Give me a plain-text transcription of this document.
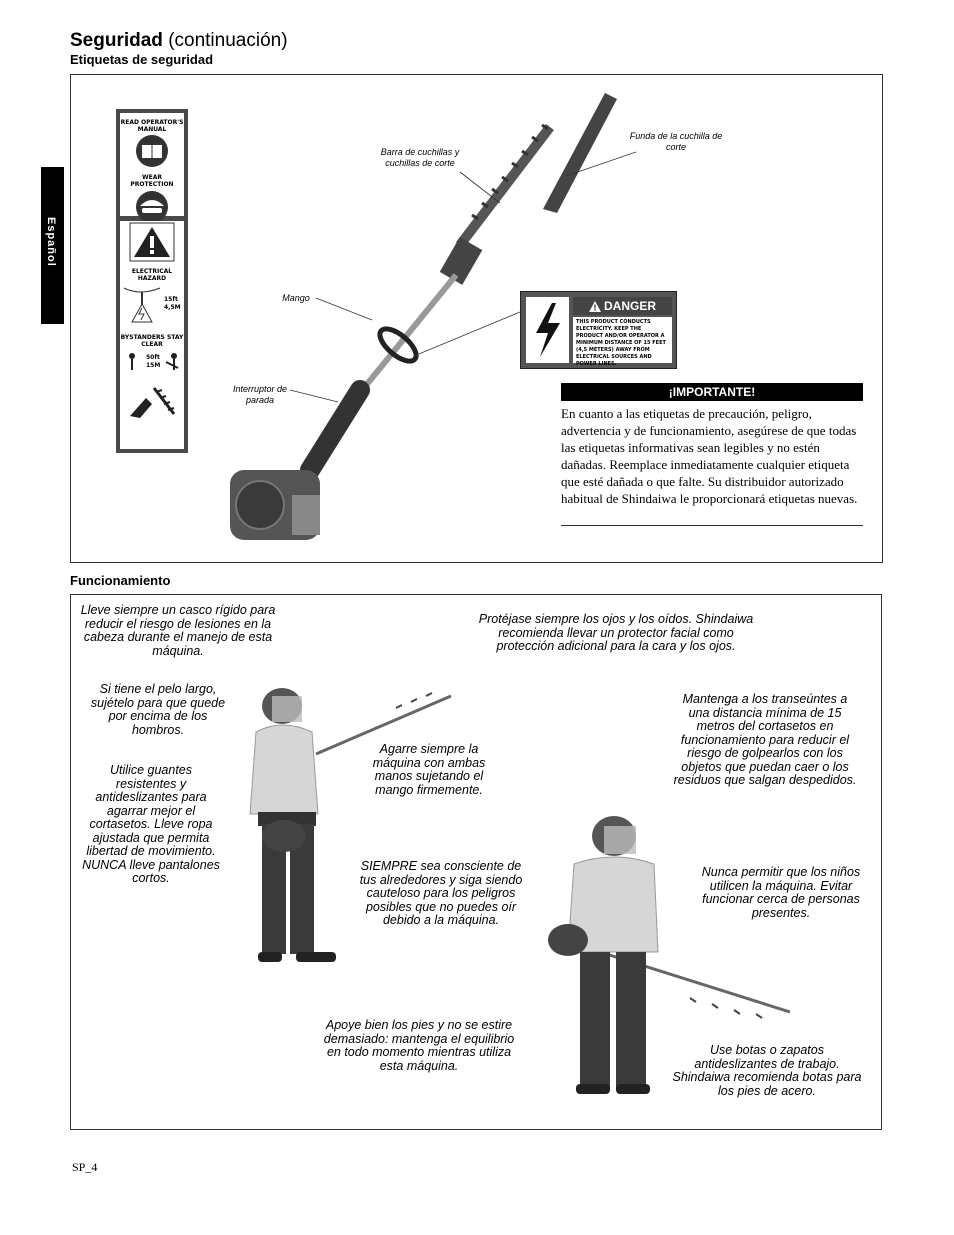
Seguridad (continuación)
Etiquetas de seguridad
Español
READ OPERATOR'S MANUAL
WEAR PROTECTION
ELECTRICAL HAZARD
15ft
4,5M
BYSTANDERS STAY CLEAR
50ft
15M
Barra de cuchillas y cuchillas de corte
Funda de la cuchilla de corte
Mango
Interruptor de parada
DANGER
THIS PRODUCT CONDUCTS ELECTRICITY. KEEP THE PRODUCT AND/OR OPERATOR A MINIMUM DISTANCE OF 15 FEET (4,5 METERS) AWAY FROM ELECTRICAL SOURCES AND POWER LINES.
¡IMPORTANTE!
En cuanto a las etiquetas de precaución, peligro, advertencia y de funcionamiento, asegúrese de que todas las etiquetas informativas sean legibles y no estén dañadas. Reemplace inmediatamente cualquier etiqueta que esté dañada o que falte. Su distribuidor autorizado habitual de Shindaiwa le proporcionará etiquetas nuevas.
Funcionamiento
Lleve siempre un casco rígido para reducir el riesgo de lesiones en la cabeza durante el manejo de esta máquina.
Si tiene el pelo largo, sujételo para que quede por encima de los hombros.
Utilice guantes resistentes y antideslizantes para agarrar mejor el cortasetos. Lleve ropa ajustada que permita libertad de movimiento. NUNCA lleve pantalones cortos.
Protéjase siempre los ojos y los oídos. Shindaiwa recomienda llevar un protector facial como protección adicional para la cara y los ojos.
Agarre siempre la máquina con ambas manos sujetando el mango firmemente.
SIEMPRE sea consciente de tus alrededores y siga siendo cauteloso para los peligros posibles que no puedes oír debido a la máquina.
Mantenga a los transeúntes a una distancia mínima de 15 metros del cortasetos en funcionamiento para reducir el riesgo de golpearlos con los objetos que puedan caer o los residuos que salgan despedidos.
Nunca permitir que los niños utilicen la máquina. Evitar funcionar cerca de personas presentes.
Apoye bien los pies y no se estire demasiado: mantenga el equilibrio en todo momento mientras utiliza esta máquina.
Use botas o zapatos antideslizantes de trabajo. Shindaiwa recomienda botas para los pies de acero.
SP_4
